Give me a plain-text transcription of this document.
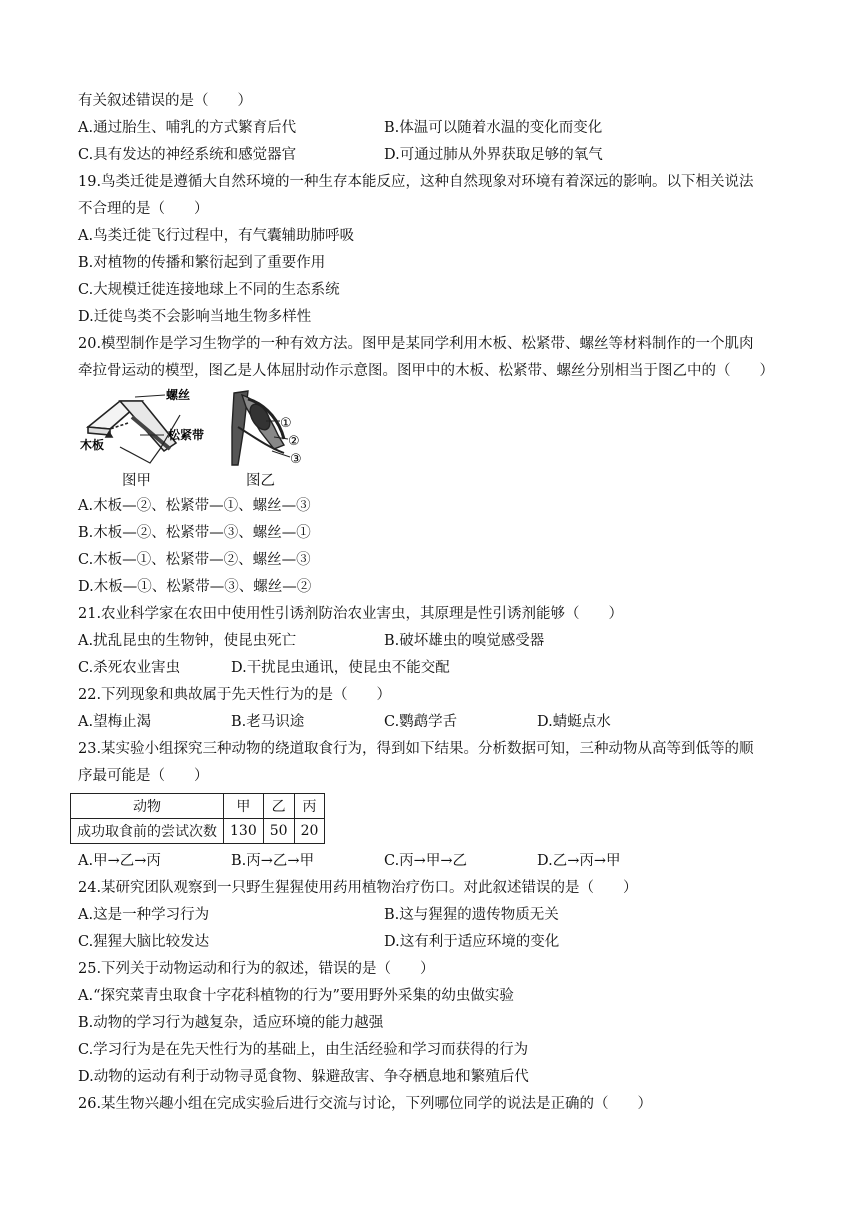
有关叙述错误的是（　　）
A.通过胎生、哺乳的方式繁育后代	B.体温可以随着水温的变化而变化
C.具有发达的神经系统和感觉器官	D.可通过肺从外界获取足够的氧气
19.鸟类迁徙是遵循大自然环境的一种生存本能反应，这种自然现象对环境有着深远的影响。以下相关说法
不合理的是（　　）
A.鸟类迁徙飞行过程中，有气囊辅助肺呼吸
B.对植物的传播和繁衍起到了重要作用
C.大规模迁徙连接地球上不同的生态系统
D.迁徙鸟类不会影响当地生物多样性
20.模型制作是学习生物学的一种有效方法。图甲是某同学利用木板、松紧带、螺丝等材料制作的一个肌肉
牵拉骨运动的模型，图乙是人体屈肘动作示意图。图甲中的木板、松紧带、螺丝分别相当于图乙中的（　　）
螺丝
木板
松紧带
①
②
③
图甲	图乙
A.木板—②、松紧带—①、螺丝—③
B.木板—②、松紧带—③、螺丝—①
C.木板—①、松紧带—②、螺丝—③
D.木板—①、松紧带—③、螺丝—②
21.农业科学家在农田中使用性引诱剂防治农业害虫，其原理是性引诱剂能够（　　）
A.扰乱昆虫的生物钟，使昆虫死亡	B.破坏雄虫的嗅觉感受器
C.杀死农业害虫	D.干扰昆虫通讯，使昆虫不能交配
22.下列现象和典故属于先天性行为的是（　　）
A.望梅止渴	B.老马识途	C.鹦鹉学舌	D.蜻蜓点水
23.某实验小组探究三种动物的绕道取食行为，得到如下结果。分析数据可知，三种动物从高等到低等的顺
序最可能是（　　）
动物	甲	乙	丙
成功取食前的尝试次数	130	50	20
A.甲→乙→丙	B.丙→乙→甲	C.丙→甲→乙	D.乙→丙→甲
24.某研究团队观察到一只野生猩猩使用药用植物治疗伤口。对此叙述错误的是（　　）
A.这是一种学习行为	B.这与猩猩的遗传物质无关
C.猩猩大脑比较发达	D.这有利于适应环境的变化
25.下列关于动物运动和行为的叙述，错误的是（　　）
A.“探究菜青虫取食十字花科植物的行为”要用野外采集的幼虫做实验
B.动物的学习行为越复杂，适应环境的能力越强
C.学习行为是在先天性行为的基础上，由生活经验和学习而获得的行为
D.动物的运动有利于动物寻觅食物、躲避敌害、争夺栖息地和繁殖后代
26.某生物兴趣小组在完成实验后进行交流与讨论，下列哪位同学的说法是正确的（　　）
